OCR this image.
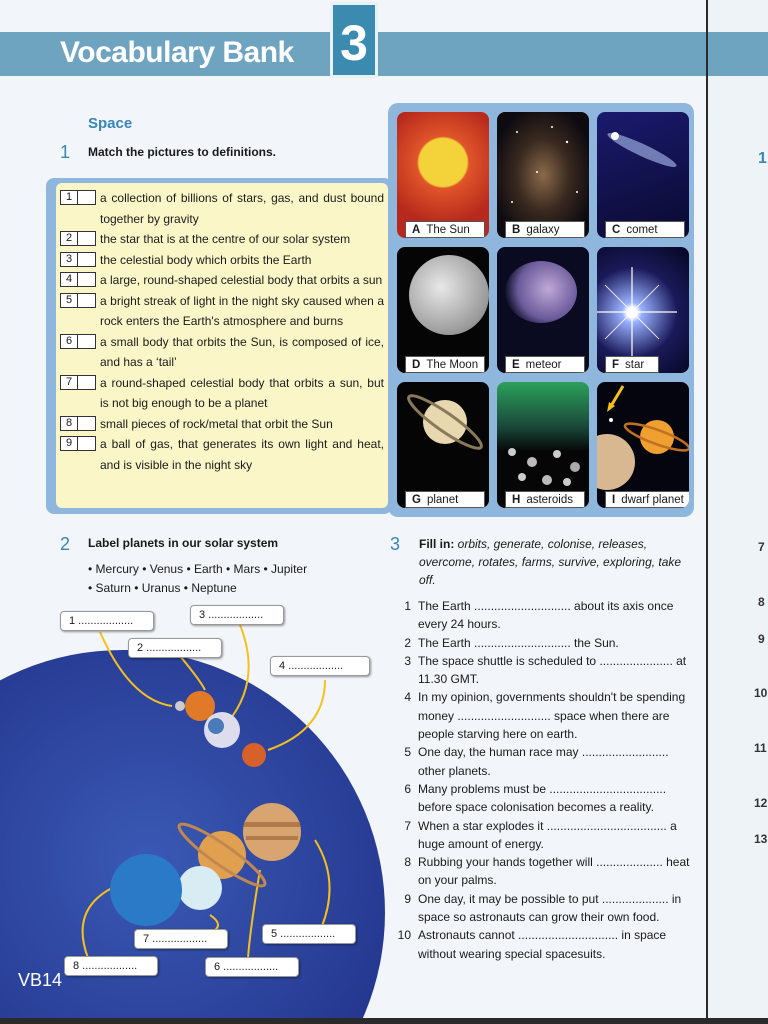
Vocabulary Bank 3
Space
1 Match the pictures to definitions.
1	a collection of billions of stars, gas, and dust bound together by gravity
2	the star that is at the centre of our solar system
3	the celestial body which orbits the Earth
4	a large, round-shaped celestial body that orbits a sun
5	a bright streak of light in the night sky caused when a rock enters the Earth's atmosphere and burns
6	a small body that orbits the Sun, is composed of ice, and has a ‘tail’
7	a round-shaped celestial body that orbits a sun, but is not big enough to be a planet
8	small pieces of rock/metal that orbit the Sun
9	a ball of gas, that generates its own light and heat, and is visible in the night sky
A The Sun	B galaxy	C comet
D The Moon	E meteor	F star
G planet	H asteroids	I dwarf planet
2 Label planets in our solar system
• Mercury • Venus • Earth • Mars • Jupiter
• Saturn • Uranus • Neptune
1 ..................
2 ..................
3 ..................
4 ..................
5 ..................
6 ..................
7 ..................
8 ..................
VB14
3 Fill in: orbits, generate, colonise, releases, overcome, rotates, farms, survive, exploring, take off.
1 The Earth ............................. about its axis once every 24 hours.
2 The Earth ............................. the Sun.
3 The space shuttle is scheduled to ...................... at 11.30 GMT.
4 In my opinion, governments shouldn't be spending money ............................ space when there are people starving here on earth.
5 One day, the human race may .......................... other planets.
6 Many problems must be ................................... before space colonisation becomes a reality.
7 When a star explodes it .................................... a huge amount of energy.
8 Rubbing your hands together will .................... heat on your palms.
9 One day, it may be possible to put .................... in space so astronauts can grow their own food.
10 Astronauts cannot .............................. in space without wearing special spacesuits.
1
7
8
9
10
11
12
13
